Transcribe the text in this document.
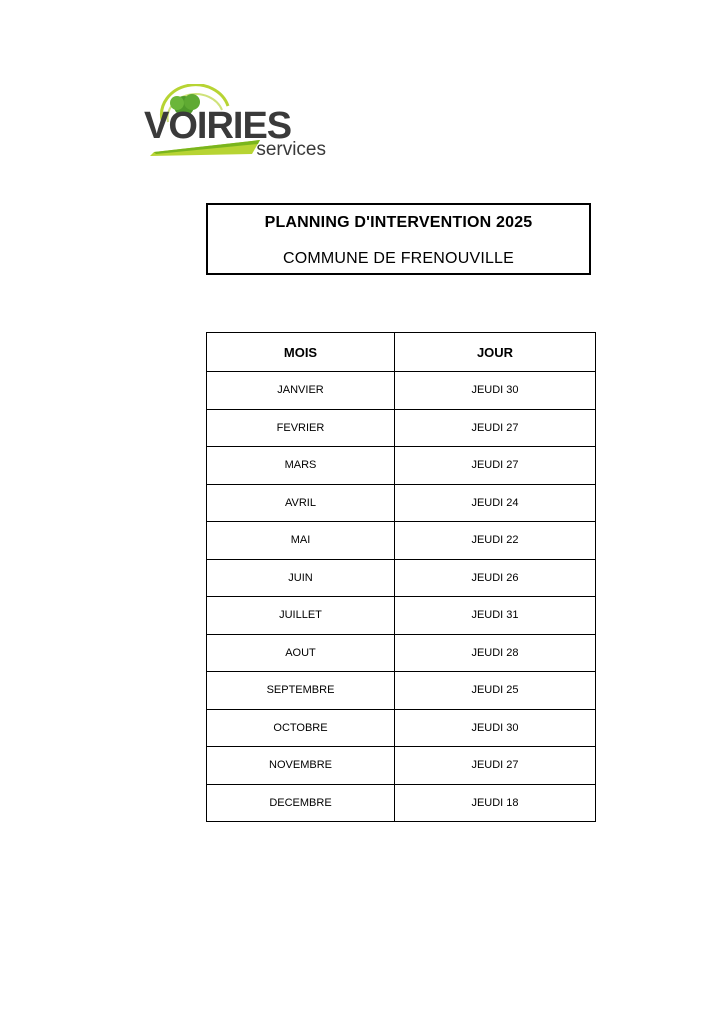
VOIRIES
services
PLANNING D'INTERVENTION 2025
COMMUNE DE FRENOUVILLE
MOIS	JOUR
JANVIER	JEUDI 30
FEVRIER	JEUDI 27
MARS	JEUDI 27
AVRIL	JEUDI 24
MAI	JEUDI 22
JUIN	JEUDI 26
JUILLET	JEUDI 31
AOUT	JEUDI 28
SEPTEMBRE	JEUDI 25
OCTOBRE	JEUDI 30
NOVEMBRE	JEUDI 27
DECEMBRE	JEUDI 18
